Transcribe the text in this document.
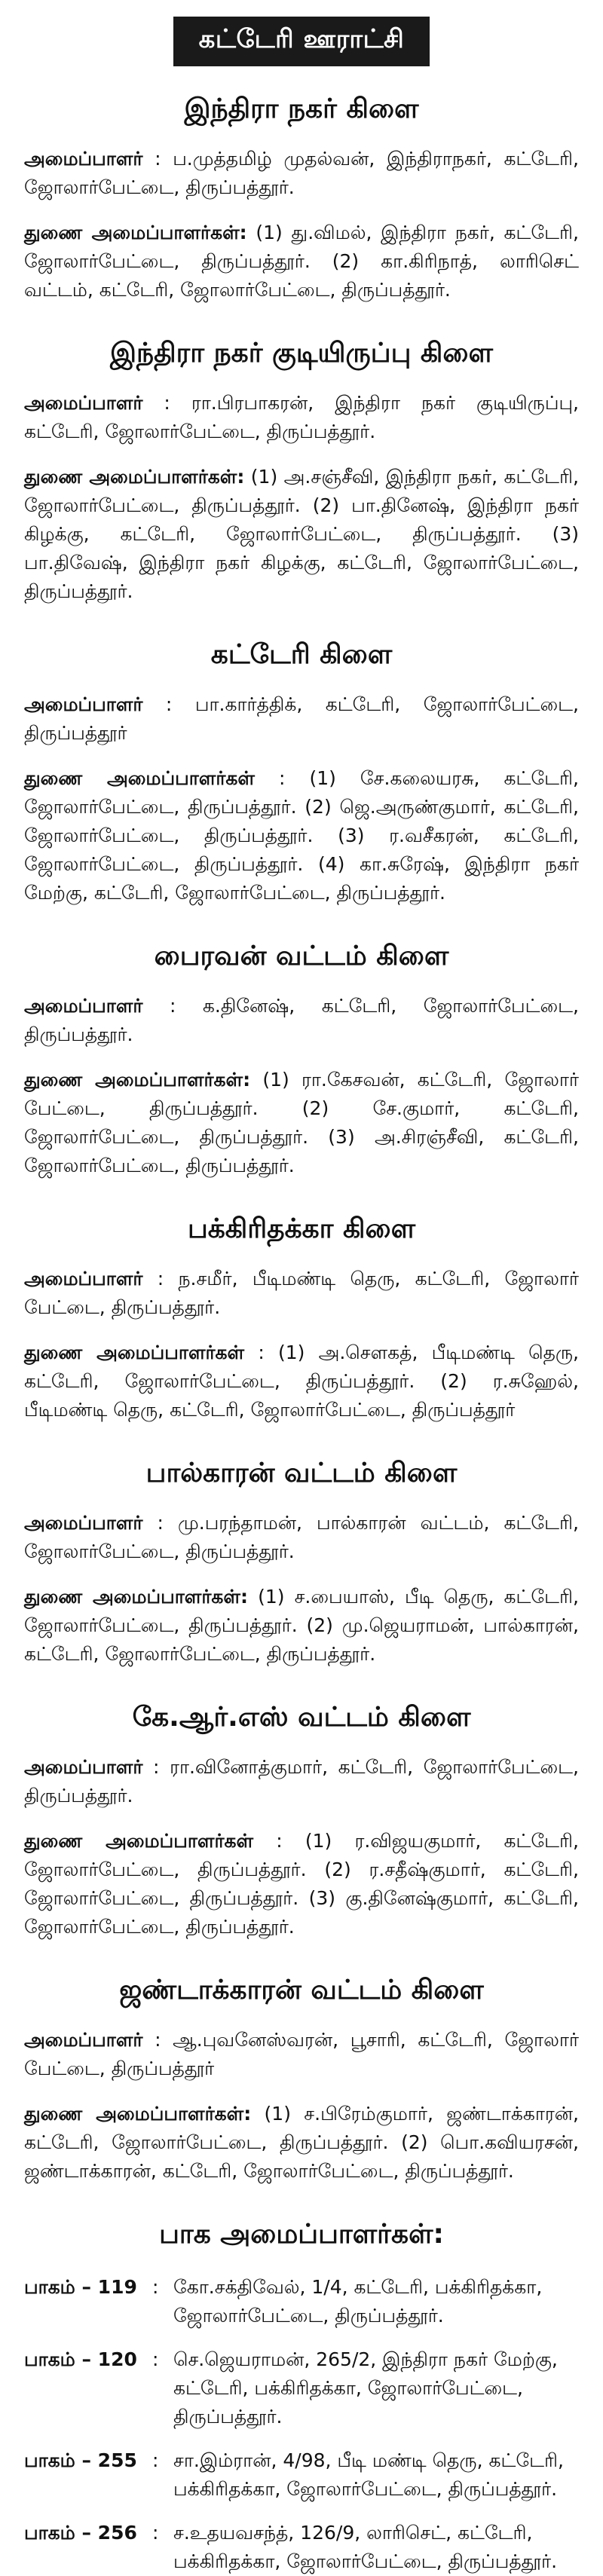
கட்டேரி ஊராட்சி
இந்திரா நகர் கிளை

அமைப்பாளர் : ப.முத்தமிழ் முதல்வன், இந்திராநகர், கட்டேரி, ஜோலார்பேட்டை, திருப்பத்தூர்.

துணை அமைப்பாளர்கள்: (1) து.விமல், இந்திரா நகர், கட்டேரி, ஜோலார்பேட்டை, திருப்பத்தூர். (2) கா.கிரிநாத், லாரிசெட் வட்டம், கட்டேரி, ஜோலார்பேட்டை, திருப்பத்தூர்.

இந்திரா நகர் குடியிருப்பு கிளை

அமைப்பாளர் : ரா.பிரபாகரன், இந்திரா நகர் குடியிருப்பு, கட்டேரி, ஜோலார்பேட்டை, திருப்பத்தூர்.

துணை அமைப்பாளர்கள்: (1) அ.சஞ்சீவி, இந்திரா நகர், கட்டேரி, ஜோலார்பேட்டை, திருப்பத்தூர். (2) பா.தினேஷ், இந்திரா நகர் கிழக்கு, கட்டேரி, ஜோலார்பேட்டை, திருப்பத்தூர். (3) பா.திவேஷ், இந்திரா நகர் கிழக்கு, கட்டேரி, ஜோலார்பேட்டை, திருப்பத்தூர்.

கட்டேரி கிளை

அமைப்பாளர் : பா.கார்த்திக், கட்டேரி, ஜோலார்பேட்டை, திருப்பத்தூர்

துணை அமைப்பாளர்கள் : (1) சே.கலையரசு, கட்டேரி, ஜோலார்பேட்டை, திருப்பத்தூர். (2) ஜெ.அருண்குமார், கட்டேரி, ஜோலார்பேட்டை, திருப்பத்தூர். (3) ர.வசீகரன், கட்டேரி, ஜோலார்பேட்டை, திருப்பத்தூர். (4) கா.சுரேஷ், இந்திரா நகர் மேற்கு, கட்டேரி, ஜோலார்பேட்டை, திருப்பத்தூர்.

பைரவன் வட்டம் கிளை

அமைப்பாளர் : க.தினேஷ், கட்டேரி, ஜோலார்பேட்டை, திருப்பத்தூர்.

துணை அமைப்பாளர்கள்: (1) ரா.கேசவன், கட்டேரி, ஜோலார் பேட்டை, திருப்பத்தூர். (2) சே.குமார், கட்டேரி, ஜோலார்பேட்டை, திருப்பத்தூர். (3) அ.சிரஞ்சீவி, கட்டேரி, ஜோலார்பேட்டை, திருப்பத்தூர்.

பக்கிரிதக்கா கிளை

அமைப்பாளர் : ந.சமீர், பீடிமண்டி தெரு, கட்டேரி, ஜோலார் பேட்டை, திருப்பத்தூர்.

துணை அமைப்பாளர்கள் : (1) அ.சௌகத், பீடிமண்டி தெரு, கட்டேரி, ஜோலார்பேட்டை, திருப்பத்தூர். (2) ர.சுஹேல், பீடிமண்டி தெரு, கட்டேரி, ஜோலார்பேட்டை, திருப்பத்தூர்

பால்காரன் வட்டம் கிளை

அமைப்பாளர் : மு.பரந்தாமன், பால்காரன் வட்டம், கட்டேரி, ஜோலார்பேட்டை, திருப்பத்தூர்.

துணை அமைப்பாளர்கள்: (1) ச.பையாஸ், பீடி தெரு, கட்டேரி, ஜோலார்பேட்டை, திருப்பத்தூர். (2) மு.ஜெயராமன், பால்காரன், கட்டேரி, ஜோலார்பேட்டை, திருப்பத்தூர்.

கே.ஆர்.எஸ் வட்டம் கிளை

அமைப்பாளர் : ரா.வினோத்குமார், கட்டேரி, ஜோலார்பேட்டை, திருப்பத்தூர்.

துணை அமைப்பாளர்கள் : (1) ர.விஜயகுமார், கட்டேரி, ஜோலார்பேட்டை, திருப்பத்தூர். (2) ர.சதீஷ்குமார், கட்டேரி, ஜோலார்பேட்டை, திருப்பத்தூர். (3) கு.தினேஷ்குமார், கட்டேரி, ஜோலார்பேட்டை, திருப்பத்தூர்.

ஜண்டாக்காரன் வட்டம் கிளை

அமைப்பாளர் : ஆ.புவனேஸ்வரன், பூசாரி, கட்டேரி, ஜோலார் பேட்டை, திருப்பத்தூர்

துணை அமைப்பாளர்கள்: (1) ச.பிரேம்குமார், ஜண்டாக்காரன், கட்டேரி, ஜோலார்பேட்டை, திருப்பத்தூர். (2) பொ.கவியரசன், ஜண்டாக்காரன், கட்டேரி, ஜோலார்பேட்டை, திருப்பத்தூர்.

பாக அமைப்பாளர்கள்:
பாகம் – 119 : கோ.சக்திவேல், 1/4, கட்டேரி, பக்கிரிதக்கா, ஜோலார்பேட்டை, திருப்பத்தூர்.
பாகம் – 120 : செ.ஜெயராமன், 265/2, இந்திரா நகர் மேற்கு, கட்டேரி, பக்கிரிதக்கா, ஜோலார்பேட்டை, திருப்பத்தூர்.
பாகம் – 255 : சா.இம்ரான், 4/98, பீடி மண்டி தெரு, கட்டேரி, பக்கிரிதக்கா, ஜோலார்பேட்டை, திருப்பத்தூர்.
பாகம் – 256 : ச.உதயவசந்த், 126/9, லாரிசெட், கட்டேரி, பக்கிரிதக்கா, ஜோலார்பேட்டை, திருப்பத்தூர்.
